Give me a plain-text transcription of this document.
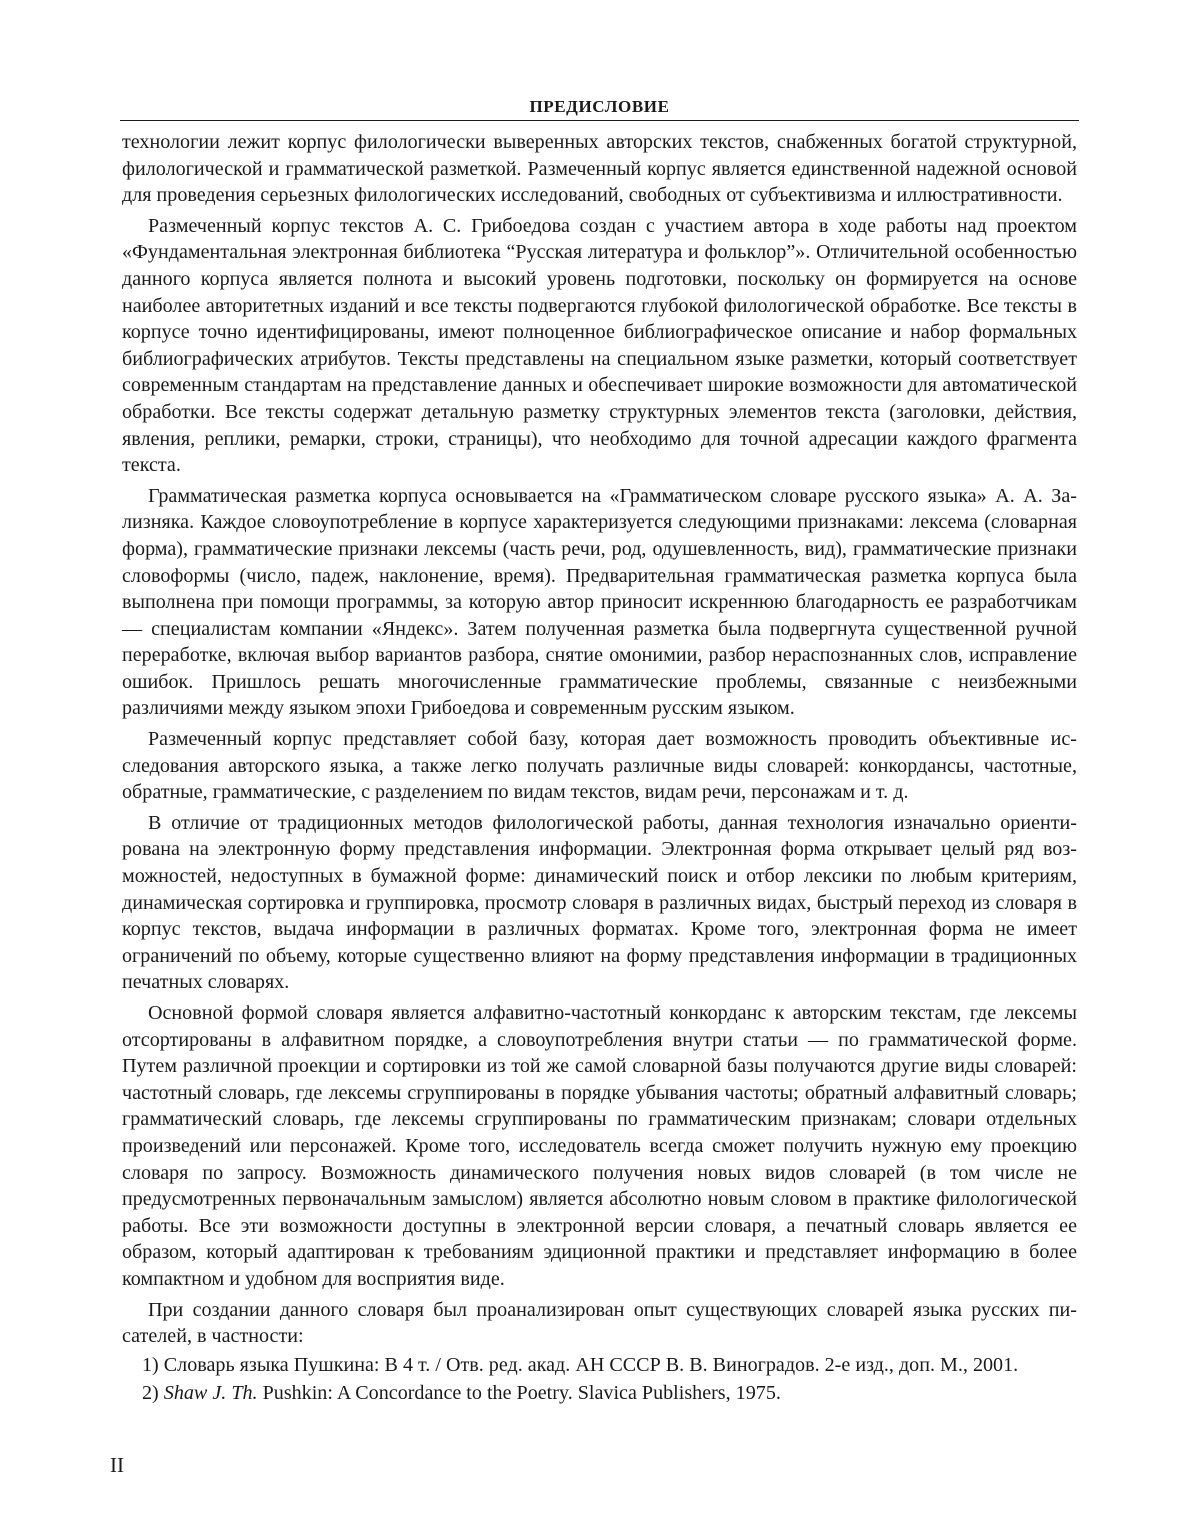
ПРЕДИСЛОВИЕ

технологии лежит корпус филологически выверенных авторских текстов, снабженных богатой структурной, филологической и грамматической разметкой. Размеченный корпус является единственной надежной основой для проведения серьезных филологических исследований, свободных от субъективизма и иллюстративности.

Размеченный корпус текстов А. С. Грибоедова создан с участием автора в ходе работы над проектом «Фундаментальная электронная библиотека “Русская литература и фольклор”». Отличительной особенностью данного корпуса является полнота и высокий уровень подготовки, поскольку он формируется на основе наиболее авторитетных изданий и все тексты подвергаются глубокой филологической обработке. Все тексты в корпусе точно идентифицированы, имеют полноценное библиографическое описание и набор формальных библиографических атрибутов. Тексты представлены на специальном языке разметки, который соответствует современным стандартам на представление данных и обеспечивает широкие возможности для автоматической обработки. Все тексты содержат детальную разметку структурных элементов текста (заголовки, действия, явления, реплики, ремарки, строки, страницы), что необходимо для точной адресации каждого фрагмента текста.

Грамматическая разметка корпуса основывается на «Грамматическом словаре русского языка» А. А. Зализняка. Каждое словоупотребление в корпусе характеризуется следующими признаками: лексема (словарная форма), грамматические признаки лексемы (часть речи, род, одушевленность, вид), грамматические признаки словоформы (число, падеж, наклонение, время). Предварительная грамматическая разметка корпуса была выполнена при помощи программы, за которую автор приносит искреннюю благодарность ее разработчикам — специалистам компании «Яндекс». Затем полученная разметка была подвергнута существенной ручной переработке, включая выбор вариантов разбора, снятие омонимии, разбор нераспознанных слов, исправление ошибок. Пришлось решать многочисленные грамматические проблемы, связанные с неизбежными различиями между языком эпохи Грибоедова и современным русским языком.

Размеченный корпус представляет собой базу, которая дает возможность проводить объективные исследования авторского языка, а также легко получать различные виды словарей: конкордансы, частотные, обратные, грамматические, с разделением по видам текстов, видам речи, персонажам и т. д.

В отличие от традиционных методов филологической работы, данная технология изначально ориентирована на электронную форму представления информации. Электронная форма открывает целый ряд возможностей, недоступных в бумажной форме: динамический поиск и отбор лексики по любым критериям, динамическая сортировка и группировка, просмотр словаря в различных видах, быстрый переход из словаря в корпус текстов, выдача информации в различных форматах. Кроме того, электронная форма не имеет ограничений по объему, которые существенно влияют на форму представления информации в традиционных печатных словарях.

Основной формой словаря является алфавитно-частотный конкорданс к авторским текстам, где лексемы отсортированы в алфавитном порядке, а словоупотребления внутри статьи — по грамматической форме. Путем различной проекции и сортировки из той же самой словарной базы получаются другие виды словарей: частотный словарь, где лексемы сгруппированы в порядке убывания частоты; обратный алфавитный словарь; грамматический словарь, где лексемы сгруппированы по грамматическим признакам; словари отдельных произведений или персонажей. Кроме того, исследователь всегда сможет получить нужную ему проекцию словаря по запросу. Возможность динамического получения новых видов словарей (в том числе не предусмотренных первоначальным замыслом) является абсолютно новым словом в практике филологической работы. Все эти возможности доступны в электронной версии словаря, а печатный словарь является ее образом, который адаптирован к требованиям эдиционной практики и представляет информацию в более компактном и удобном для восприятия виде.

При создании данного словаря был проанализирован опыт существующих словарей языка русских писателей, в частности:

1) Словарь языка Пушкина: В 4 т. / Отв. ред. акад. АН СССР В. В. Виноградов. 2-е изд., доп. М., 2001.

2) Shaw J. Th. Pushkin: A Concordance to the Poetry. Slavica Publishers, 1975.

II
